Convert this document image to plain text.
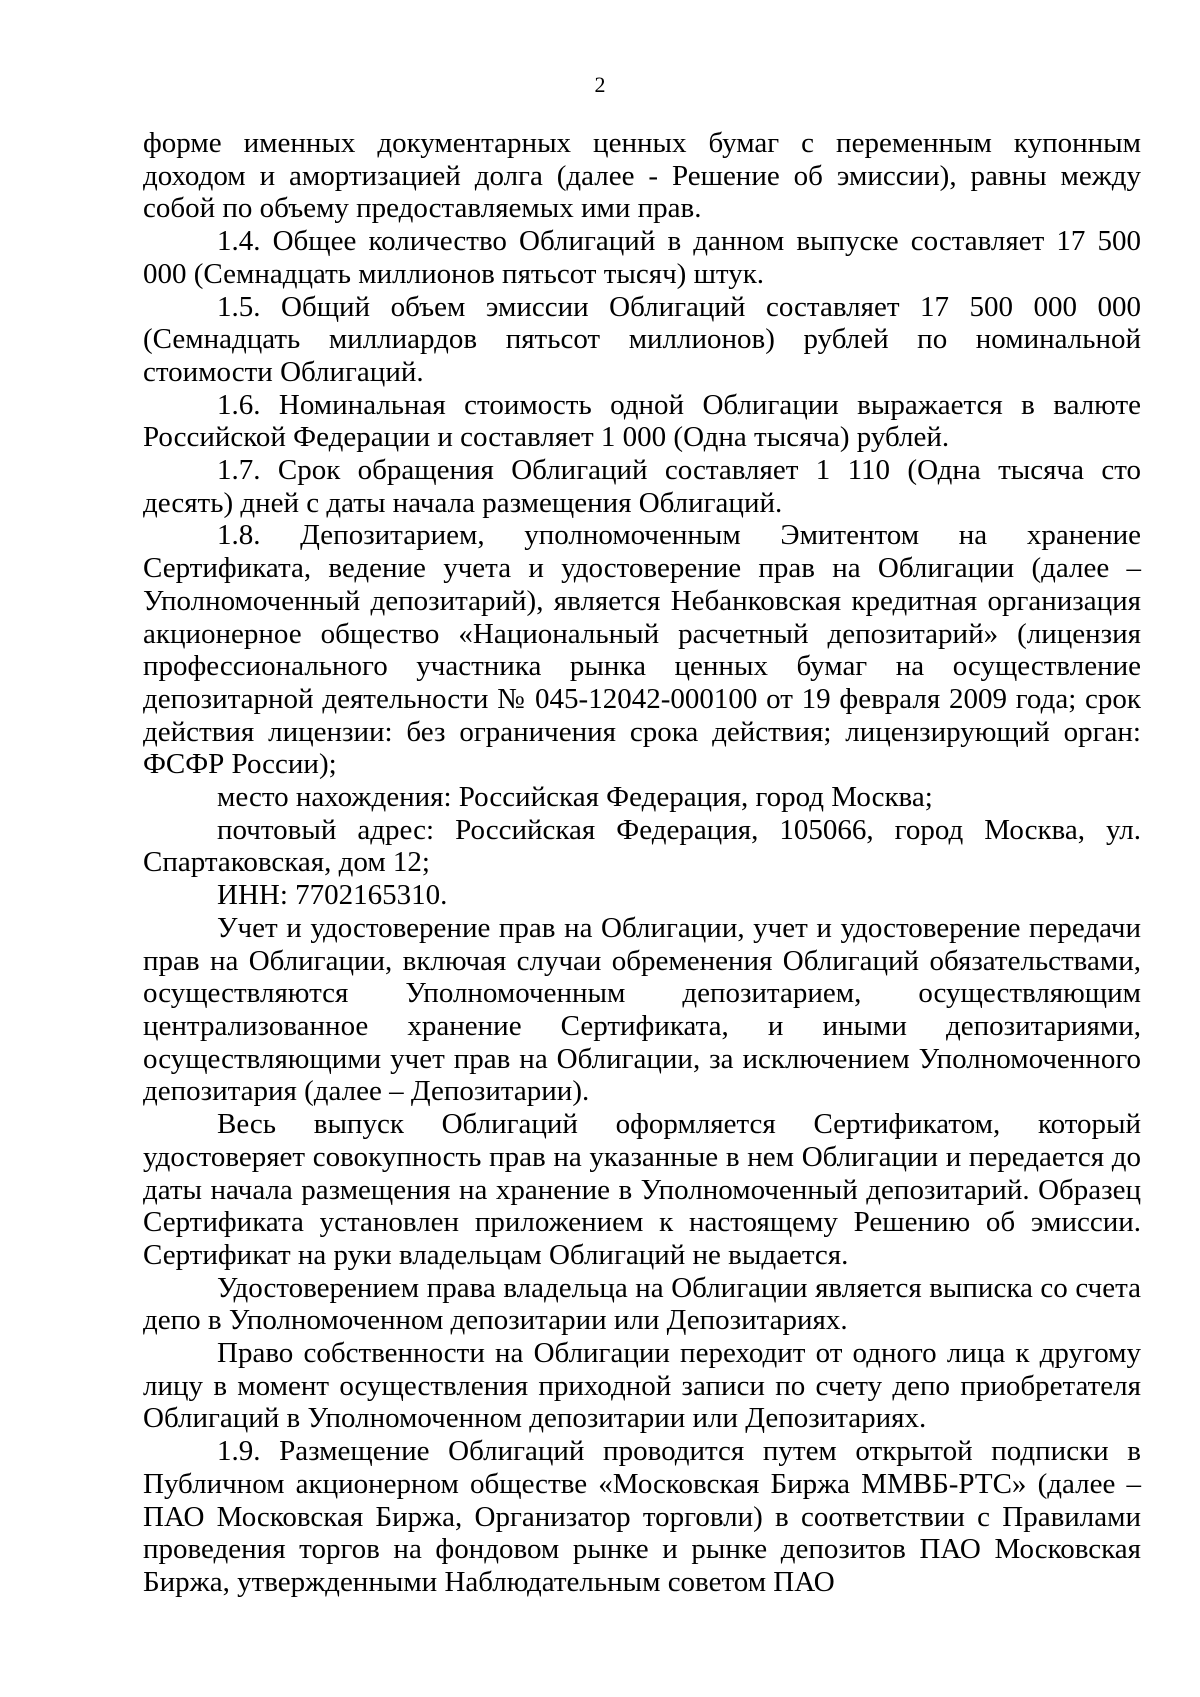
2

форме именных документарных ценных бумаг с переменным купонным доходом и амортизацией долга (далее - Решение об эмиссии), равны между собой по объему предоставляемых ими прав.

1.4. Общее количество Облигаций в данном выпуске составляет 17 500 000 (Семнадцать миллионов пятьсот тысяч) штук.

1.5. Общий объем эмиссии Облигаций составляет 17 500 000 000 (Семнадцать миллиардов пятьсот миллионов) рублей по номинальной стоимости Облигаций.

1.6. Номинальная стоимость одной Облигации выражается в валюте Российской Федерации и составляет 1 000 (Одна тысяча) рублей.

1.7. Срок обращения Облигаций составляет 1 110 (Одна тысяча сто десять) дней с даты начала размещения Облигаций.

1.8. Депозитарием, уполномоченным Эмитентом на хранение Сертификата, ведение учета и удостоверение прав на Облигации (далее – Уполномоченный депозитарий), является Небанковская кредитная организация акционерное общество «Национальный расчетный депозитарий» (лицензия профессионального участника рынка ценных бумаг на осуществление депозитарной деятельности № 045-12042-000100 от 19 февраля 2009 года; срок действия лицензии: без ограничения срока действия; лицензирующий орган: ФСФР России);

место нахождения: Российская Федерация, город Москва;

почтовый адрес: Российская Федерация, 105066, город Москва, ул. Спартаковская, дом 12;

ИНН: 7702165310.

Учет и удостоверение прав на Облигации, учет и удостоверение передачи прав на Облигации, включая случаи обременения Облигаций обязательствами, осуществляются Уполномоченным депозитарием, осуществляющим централизованное хранение Сертификата, и иными депозитариями, осуществляющими учет прав на Облигации, за исключением Уполномоченного депозитария (далее – Депозитарии).

Весь выпуск Облигаций оформляется Сертификатом, который удостоверяет совокупность прав на указанные в нем Облигации и передается до даты начала размещения на хранение в Уполномоченный депозитарий. Образец Сертификата установлен приложением к настоящему Решению об эмиссии. Сертификат на руки владельцам Облигаций не выдается.

Удостоверением права владельца на Облигации является выписка со счета депо в Уполномоченном депозитарии или Депозитариях.

Право собственности на Облигации переходит от одного лица к другому лицу в момент осуществления приходной записи по счету депо приобретателя Облигаций в Уполномоченном депозитарии или Депозитариях.

1.9. Размещение Облигаций проводится путем открытой подписки в Публичном акционерном обществе «Московская Биржа ММВБ-РТС» (далее – ПАО Московская Биржа, Организатор торговли) в соответствии с Правилами проведения торгов на фондовом рынке и рынке депозитов ПАО Московская Биржа, утвержденными Наблюдательным советом ПАО
